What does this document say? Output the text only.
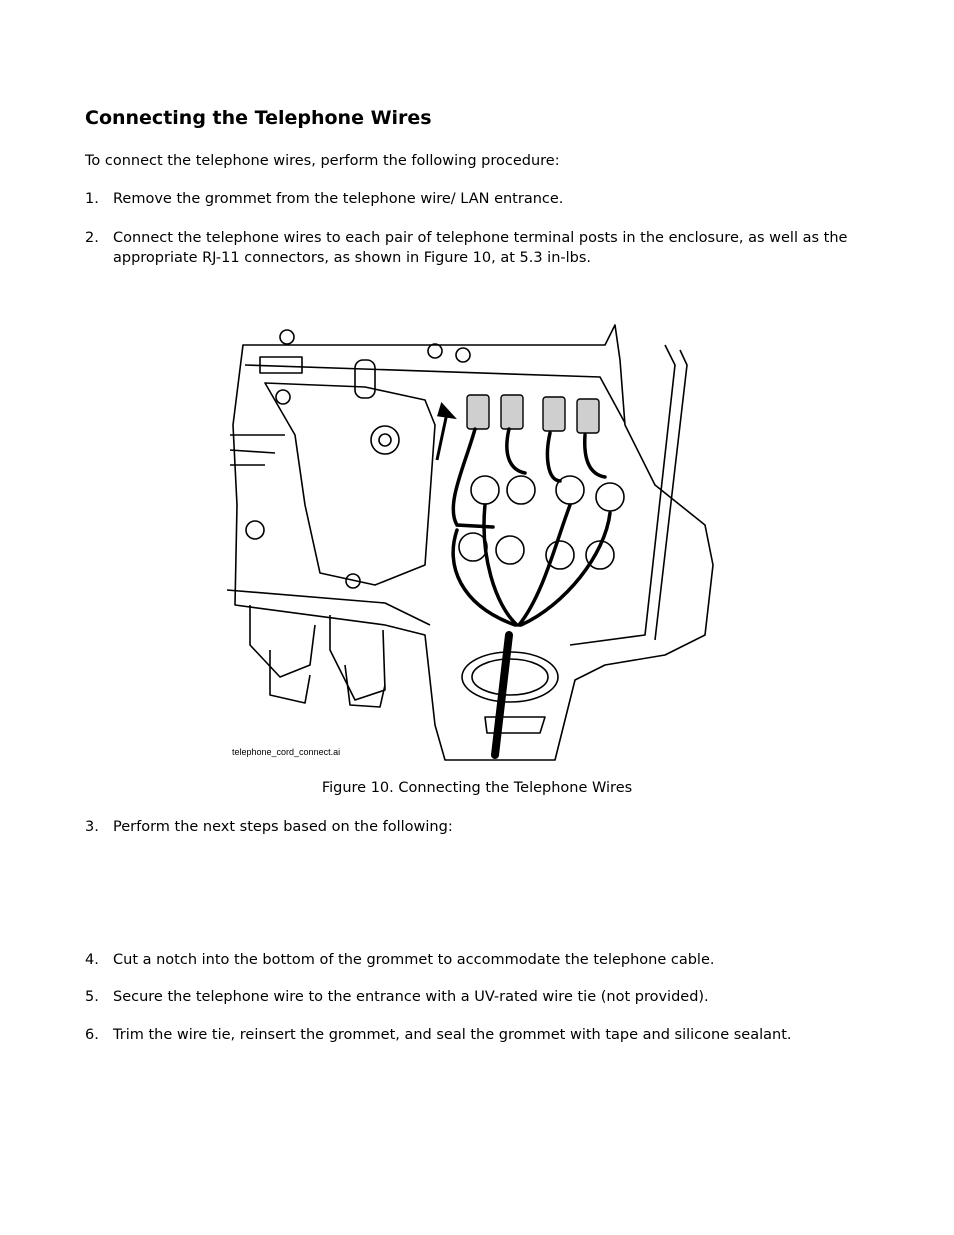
Connecting the Telephone Wires

To connect the telephone wires, perform the following procedure:

1. Remove the grommet from the telephone wire/ LAN entrance.
2. Connect the telephone wires to each pair of telephone terminal posts in the enclosure, as well as the appropriate RJ-11 connectors, as shown in Figure 10, at 5.3 in-lbs.
telephone_cord_connect.ai
Figure 10. Connecting the Telephone Wires
3. Perform the next steps based on the following:
4. Cut a notch into the bottom of the grommet to accommodate the telephone cable.
5. Secure the telephone wire to the entrance with a UV-rated wire tie (not provided).
6. Trim the wire tie, reinsert the grommet, and seal the grommet with tape and silicone sealant.
